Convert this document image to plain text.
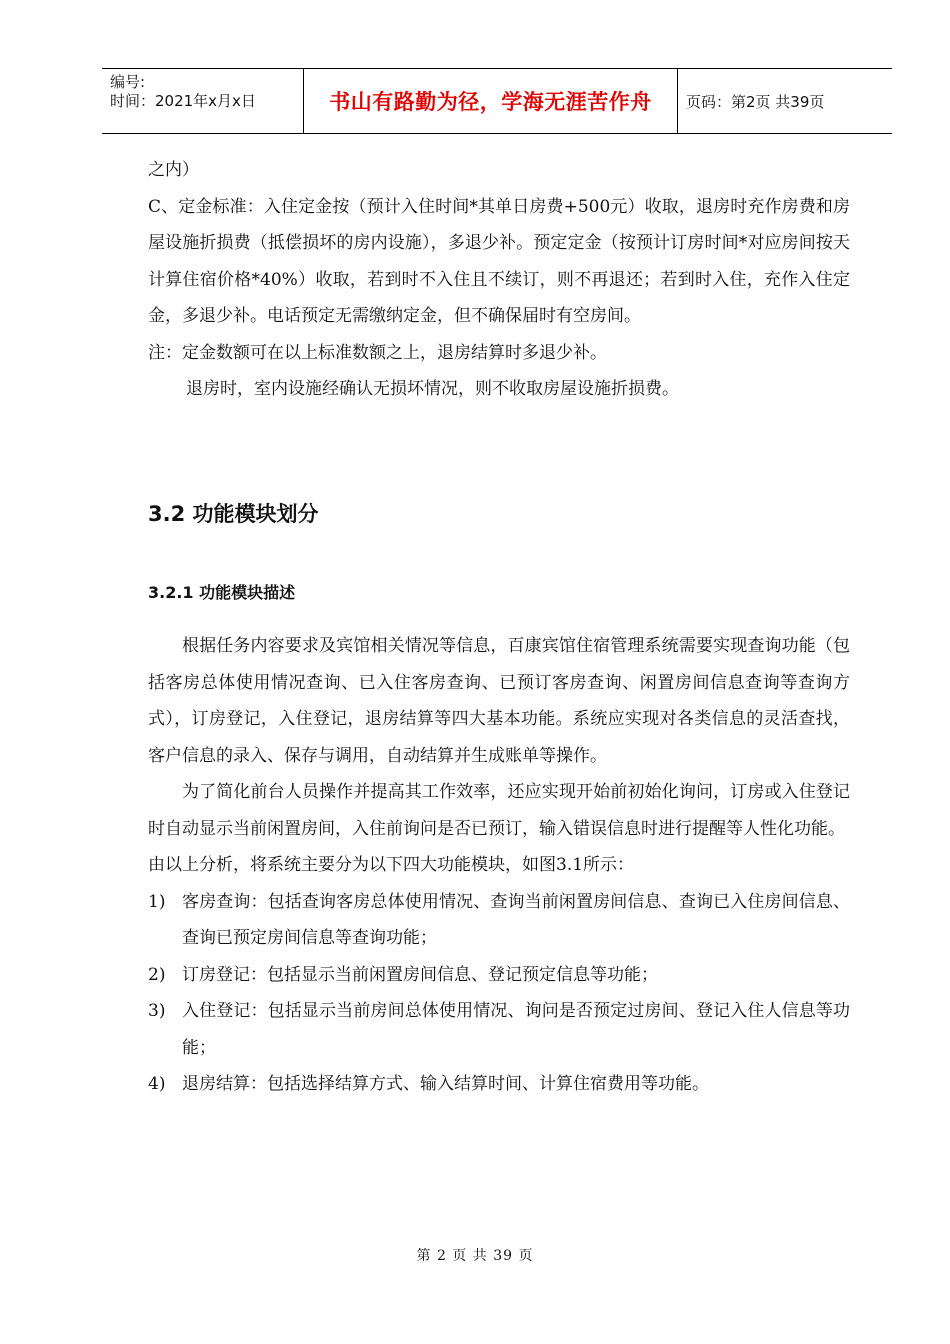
编号:
时间：2021年x月x日	书山有路勤为径，学海无涯苦作舟	页码：第2页 共39页

之内）

C、定金标准：入住定金按（预计入住时间*其单日房费+500元）收取，退房时充作房费和房屋设施折损费（抵偿损坏的房内设施），多退少补。预定定金（按预计订房时间*对应房间按天计算住宿价格*40%）收取，若到时不入住且不续订，则不再退还；若到时入住，充作入住定金，多退少补。电话预定无需缴纳定金，但不确保届时有空房间。

注：定金数额可在以上标准数额之上，退房结算时多退少补。

退房时，室内设施经确认无损坏情况，则不收取房屋设施折损费。

3.2 功能模块划分
3.2.1 功能模块描述

根据任务内容要求及宾馆相关情况等信息，百康宾馆住宿管理系统需要实现查询功能（包括客房总体使用情况查询、已入住客房查询、已预订客房查询、闲置房间信息查询等查询方式），订房登记，入住登记，退房结算等四大基本功能。系统应实现对各类信息的灵活查找，客户信息的录入、保存与调用，自动结算并生成账单等操作。

为了简化前台人员操作并提高其工作效率，还应实现开始前初始化询问，订房或入住登记时自动显示当前闲置房间，入住前询问是否已预订，输入错误信息时进行提醒等人性化功能。

由以上分析，将系统主要分为以下四大功能模块，如图3.1所示：

1) 客房查询：包括查询客房总体使用情况、查询当前闲置房间信息、查询已入住房间信息、查询已预定房间信息等查询功能；
2) 订房登记：包括显示当前闲置房间信息、登记预定信息等功能；
3) 入住登记：包括显示当前房间总体使用情况、询问是否预定过房间、登记入住人信息等功能；
4) 退房结算：包括选择结算方式、输入结算时间、计算住宿费用等功能。
第 2 页 共 39 页
